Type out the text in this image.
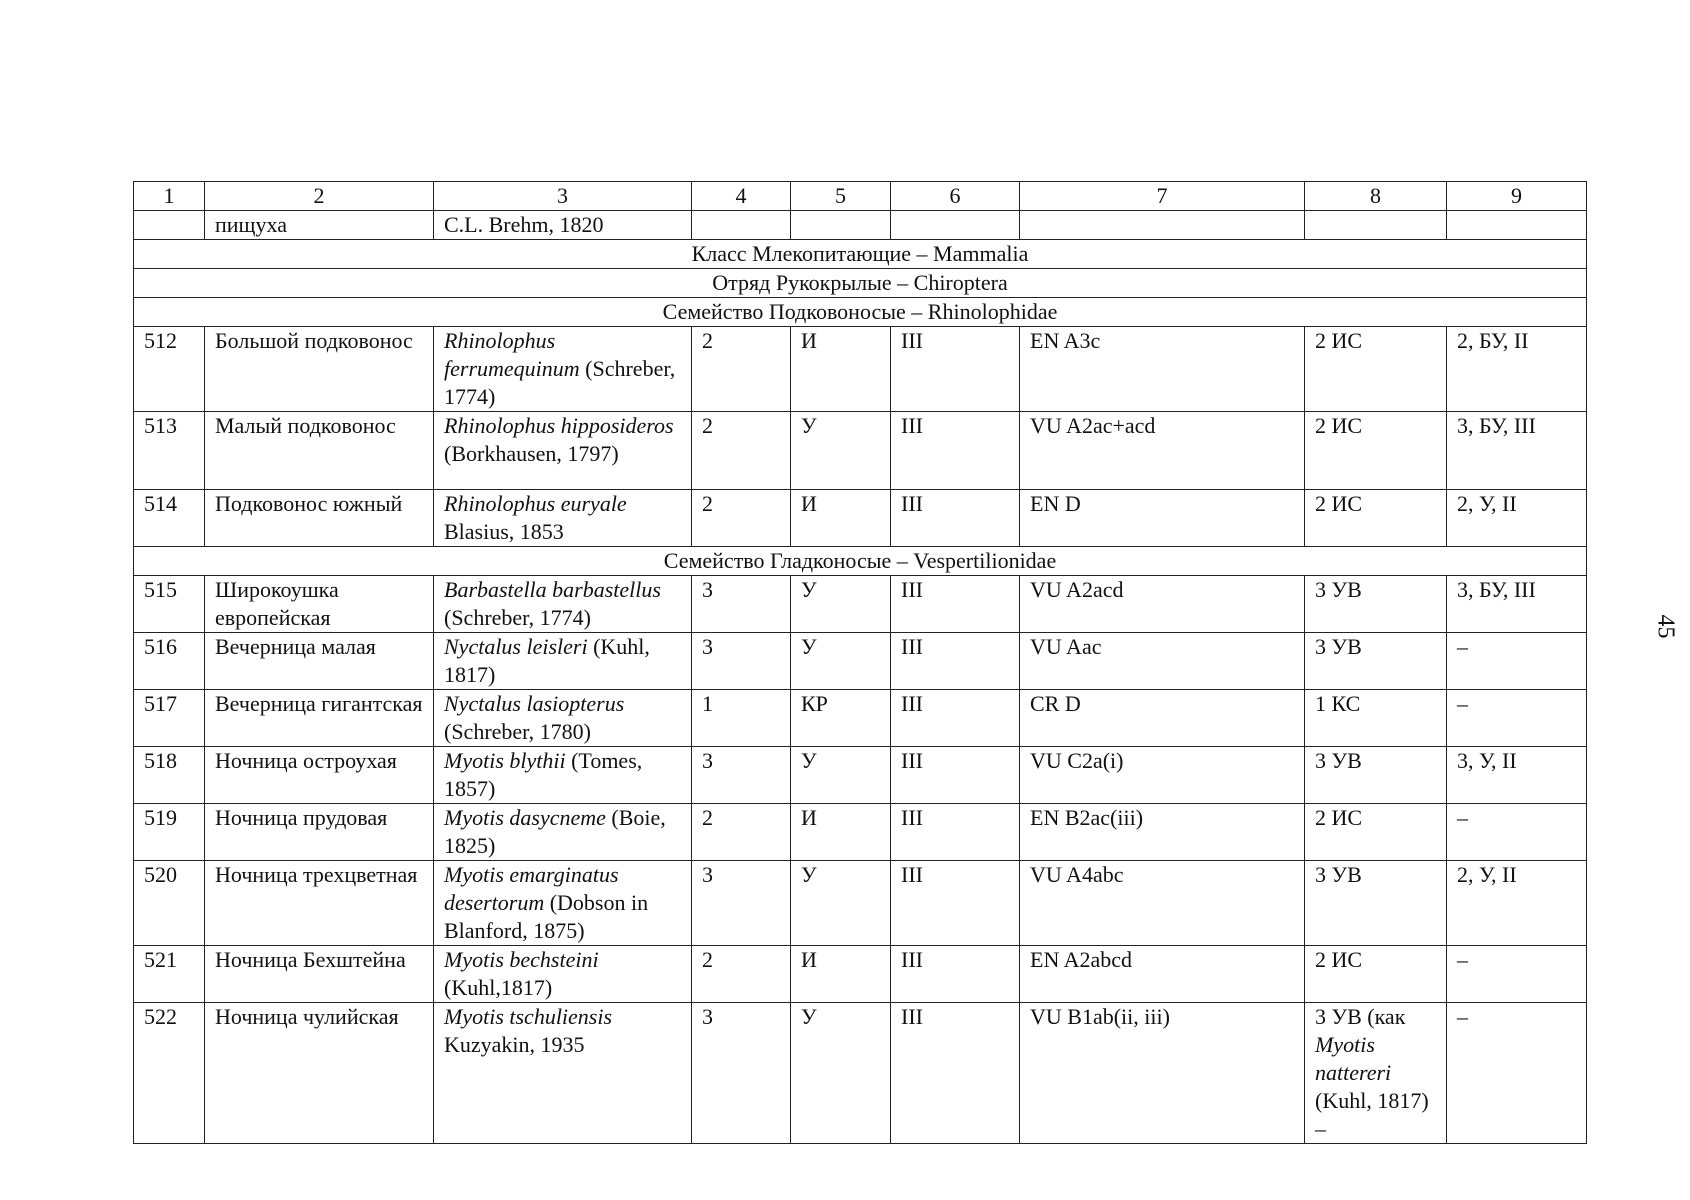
1	2	3	4	5	6	7	8	9
	пищуха	C.L. Brehm, 1820						
Класс Млекопитающие – Mammalia								
Отряд Рукокрылые – Chiroptera								
Семейство Подковоносые – Rhinolophidae								
512	Большой подковонос	Rhinolophus ferrumequinum (Schreber, 1774)	2	И	III	EN A3c	2 ИС	2, БУ, II
513	Малый подковонос	Rhinolophus hipposideros (Borkhausen, 1797)	2	У	III	VU A2ac+acd	2 ИС	3, БУ, III
514	Подковонос южный	Rhinolophus euryale Blasius, 1853	2	И	III	EN D	2 ИС	2, У, II
Семейство Гладконосые – Vespertilionidae								
515	Широкоушка европейская	Barbastella barbastellus (Schreber, 1774)	3	У	III	VU A2acd	3 УВ	3, БУ, III
516	Вечерница малая	Nyctalus leisleri (Kuhl, 1817)	3	У	III	VU Aac	3 УВ	–
517	Вечерница гигантская	Nyctalus lasiopterus (Schreber, 1780)	1	КР	III	CR D	1 КС	–
518	Ночница остроухая	Myotis blythii (Tomes, 1857)	3	У	III	VU C2a(i)	3 УВ	3, У, II
519	Ночница прудовая	Myotis dasycneme (Boie, 1825)	2	И	III	EN B2ac(iii)	2 ИС	–
520	Ночница трехцветная	Myotis emarginatus desertorum (Dobson in Blanford, 1875)	3	У	III	VU A4abc	3 УВ	2, У, II
521	Ночница Бехштейна	Myotis bechsteini (Kuhl,1817)	2	И	III	EN A2abcd	2 ИС	–
522	Ночница чулийская	Myotis tschuliensis Kuzyakin, 1935	3	У	III	VU B1ab(ii, iii)	3 УВ (как Myotis nattereri (Kuhl, 1817) –	–
45
